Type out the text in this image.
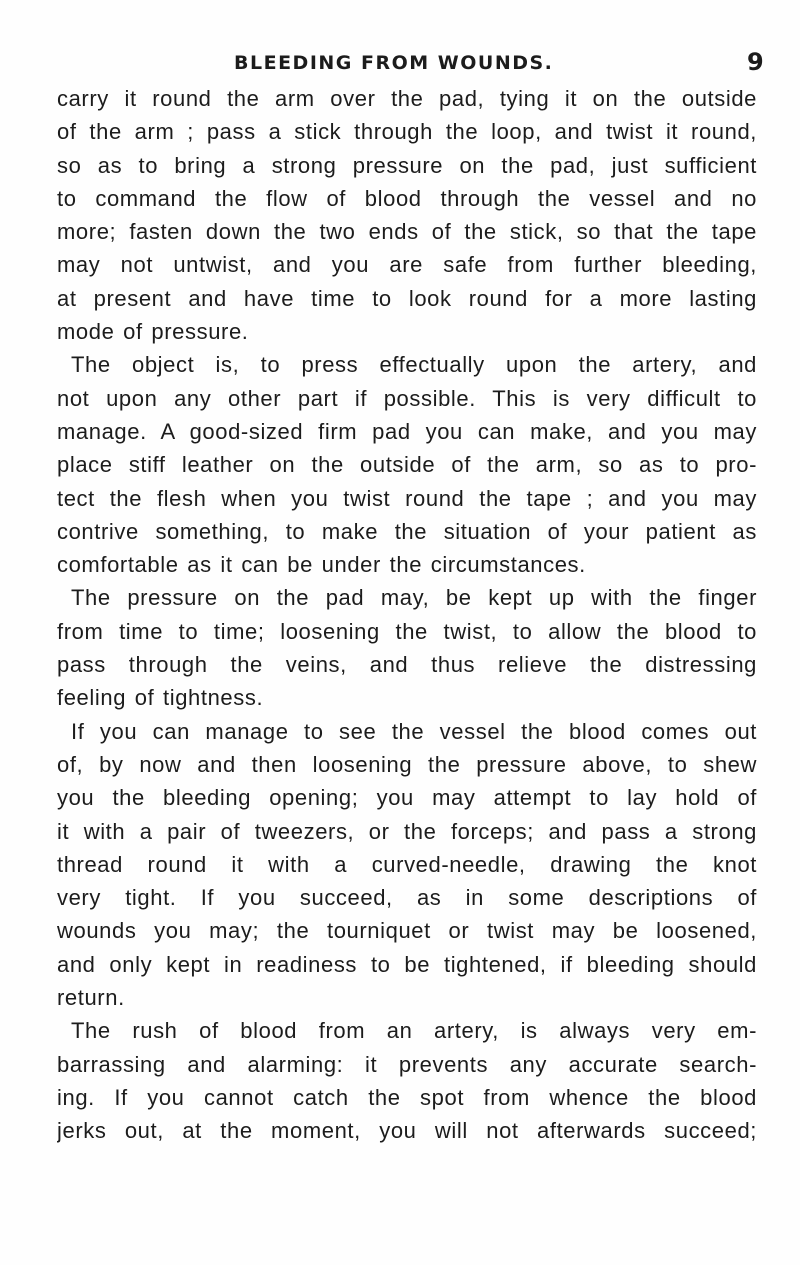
BLEEDING FROM WOUNDS.	9
carry it round the arm over the pad, tying it on the outside
of the arm ; pass a stick through the loop, and twist it round,
so as to bring a strong pressure on the pad, just sufficient
to command the flow of blood through the vessel and no
more; fasten down the two ends of the stick, so that the tape
may not untwist, and you are safe from further bleeding,
at present and have time to look round for a more lasting
mode of pressure.
The object is, to press effectually upon the artery, and
not upon any other part if possible. This is very difficult to
manage. A good-sized firm pad you can make, and you may
place stiff leather on the outside of the arm, so as to pro-
tect the flesh when you twist round the tape ; and you may
contrive something, to make the situation of your patient as
comfortable as it can be under the circumstances.
The pressure on the pad may, be kept up with the finger
from time to time; loosening the twist, to allow the blood to
pass through the veins, and thus relieve the distressing
feeling of tightness.
If you can manage to see the vessel the blood comes out
of, by now and then loosening the pressure above, to shew
you the bleeding opening; you may attempt to lay hold of
it with a pair of tweezers, or the forceps; and pass a strong
thread round it with a curved-needle, drawing the knot
very tight. If you succeed, as in some descriptions of
wounds you may; the tourniquet or twist may be loosened,
and only kept in readiness to be tightened, if bleeding should
return.
The rush of blood from an artery, is always very em-
barrassing and alarming: it prevents any accurate search-
ing. If you cannot catch the spot from whence the blood
jerks out, at the moment, you will not afterwards succeed;
